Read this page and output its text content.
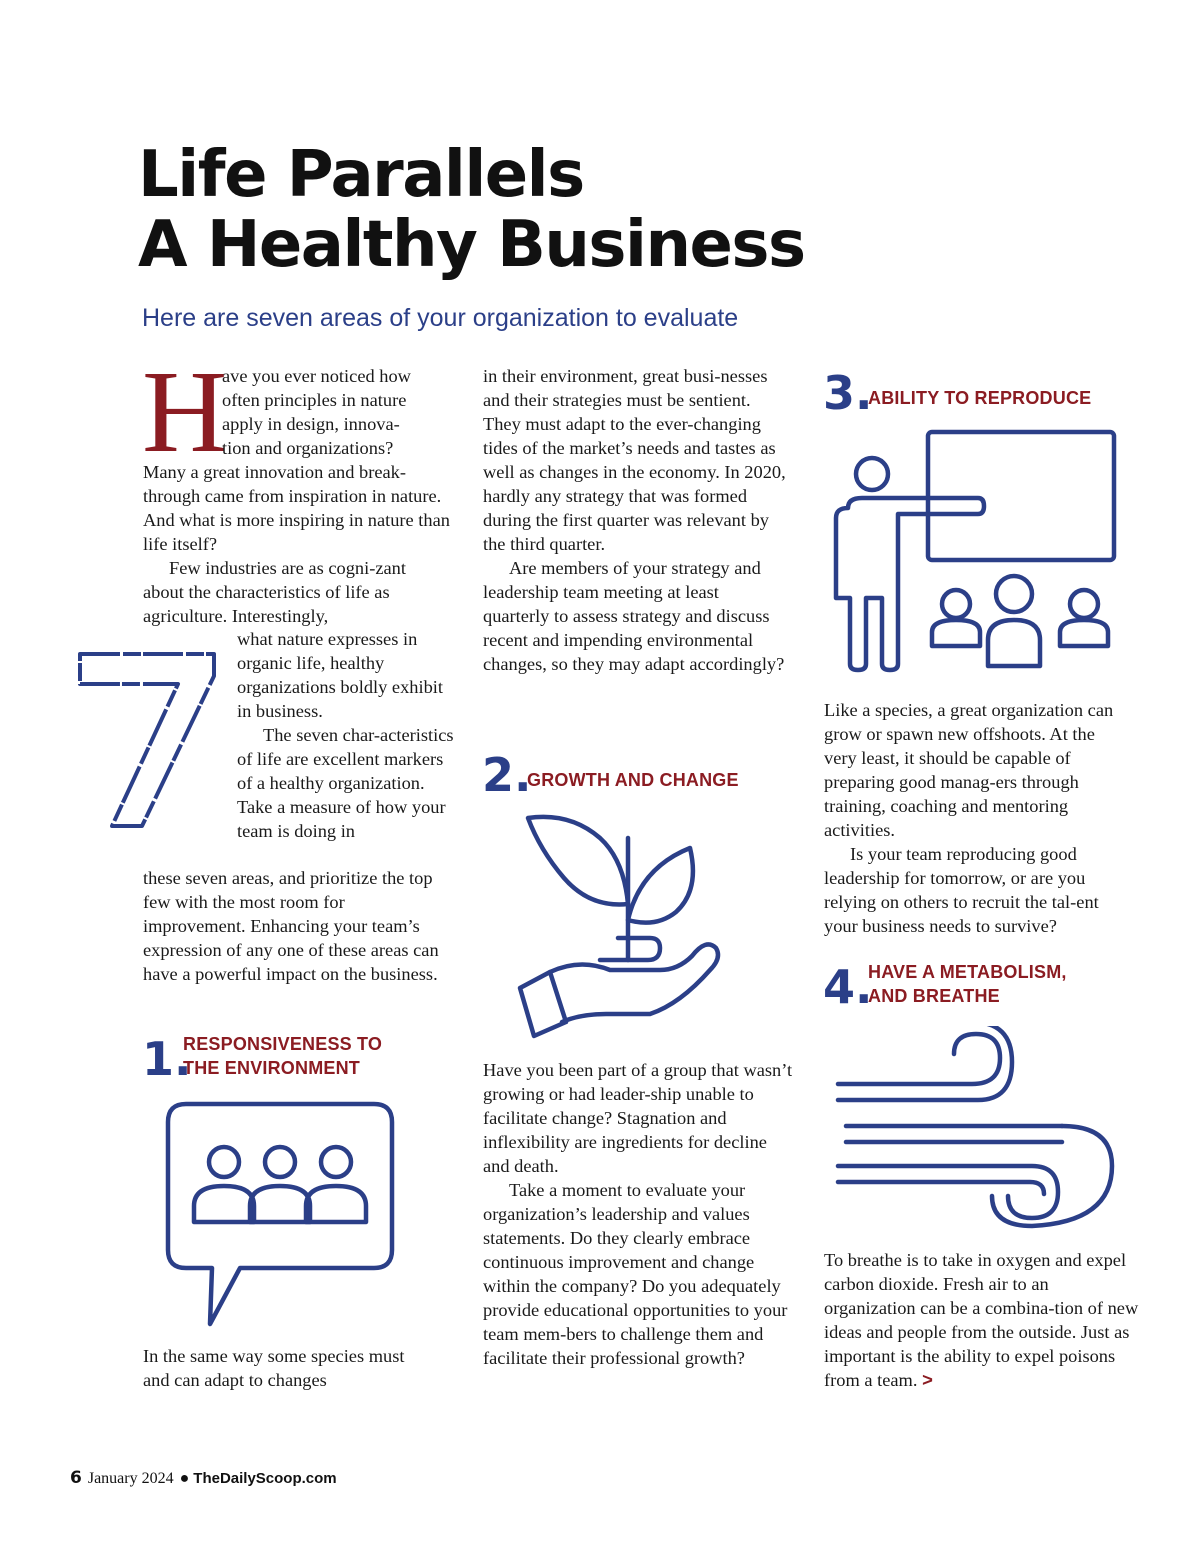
Life Parallels
A Healthy Business

Here are seven areas of your organization to evaluate

H
ave you ever noticed how
often principles in nature
apply in design, innova-
tion and organizations?

Many a great innovation and break-through came from inspiration in nature. And what is more inspiring in nature than life itself?

Few industries are as cogni-zant about the characteristics of life as agriculture. Interestingly,

what nature expresses in organic life, healthy organizations boldly exhibit in business.

The seven char-acteristics of life are excellent markers of a healthy organization. Take a measure of how your team is doing in

these seven areas, and prioritize the top few with the most room for improvement. Enhancing your team’s expression of any one of these areas can have a powerful impact on the business.

1.
RESPONSIVENESS TO
THE ENVIRONMENT

In the same way some species must and can adapt to changes

in their environment, great busi-nesses and their strategies must be sentient. They must adapt to the ever-changing tides of the market’s needs and tastes as well as changes in the economy. In 2020, hardly any strategy that was formed during the first quarter was relevant by the third quarter.

Are members of your strategy and leadership team meeting at least quarterly to assess strategy and discuss recent and impending environmental changes, so they may adapt accordingly?

2.
GROWTH AND CHANGE

Have you been part of a group that wasn’t growing or had leader-ship unable to facilitate change? Stagnation and inflexibility are ingredients for decline and death.

Take a moment to evaluate your organization’s leadership and values statements. Do they clearly embrace continuous improvement and change within the company? Do you adequately provide educational opportunities to your team mem-bers to challenge them and facilitate their professional growth?

3.
ABILITY TO REPRODUCE

Like a species, a great organization can grow or spawn new offshoots. At the very least, it should be capable of preparing good manag-ers through training, coaching and mentoring activities.

Is your team reproducing good leadership for tomorrow, or are you relying on others to recruit the tal-ent your business needs to survive?

4.
HAVE A METABOLISM,
AND BREATHE

To breathe is to take in oxygen and expel carbon dioxide. Fresh air to an organization can be a combina-tion of new ideas and people from the outside. Just as important is the ability to expel poisons from a team. >

6 January 2024 ● TheDailyScoop.com
